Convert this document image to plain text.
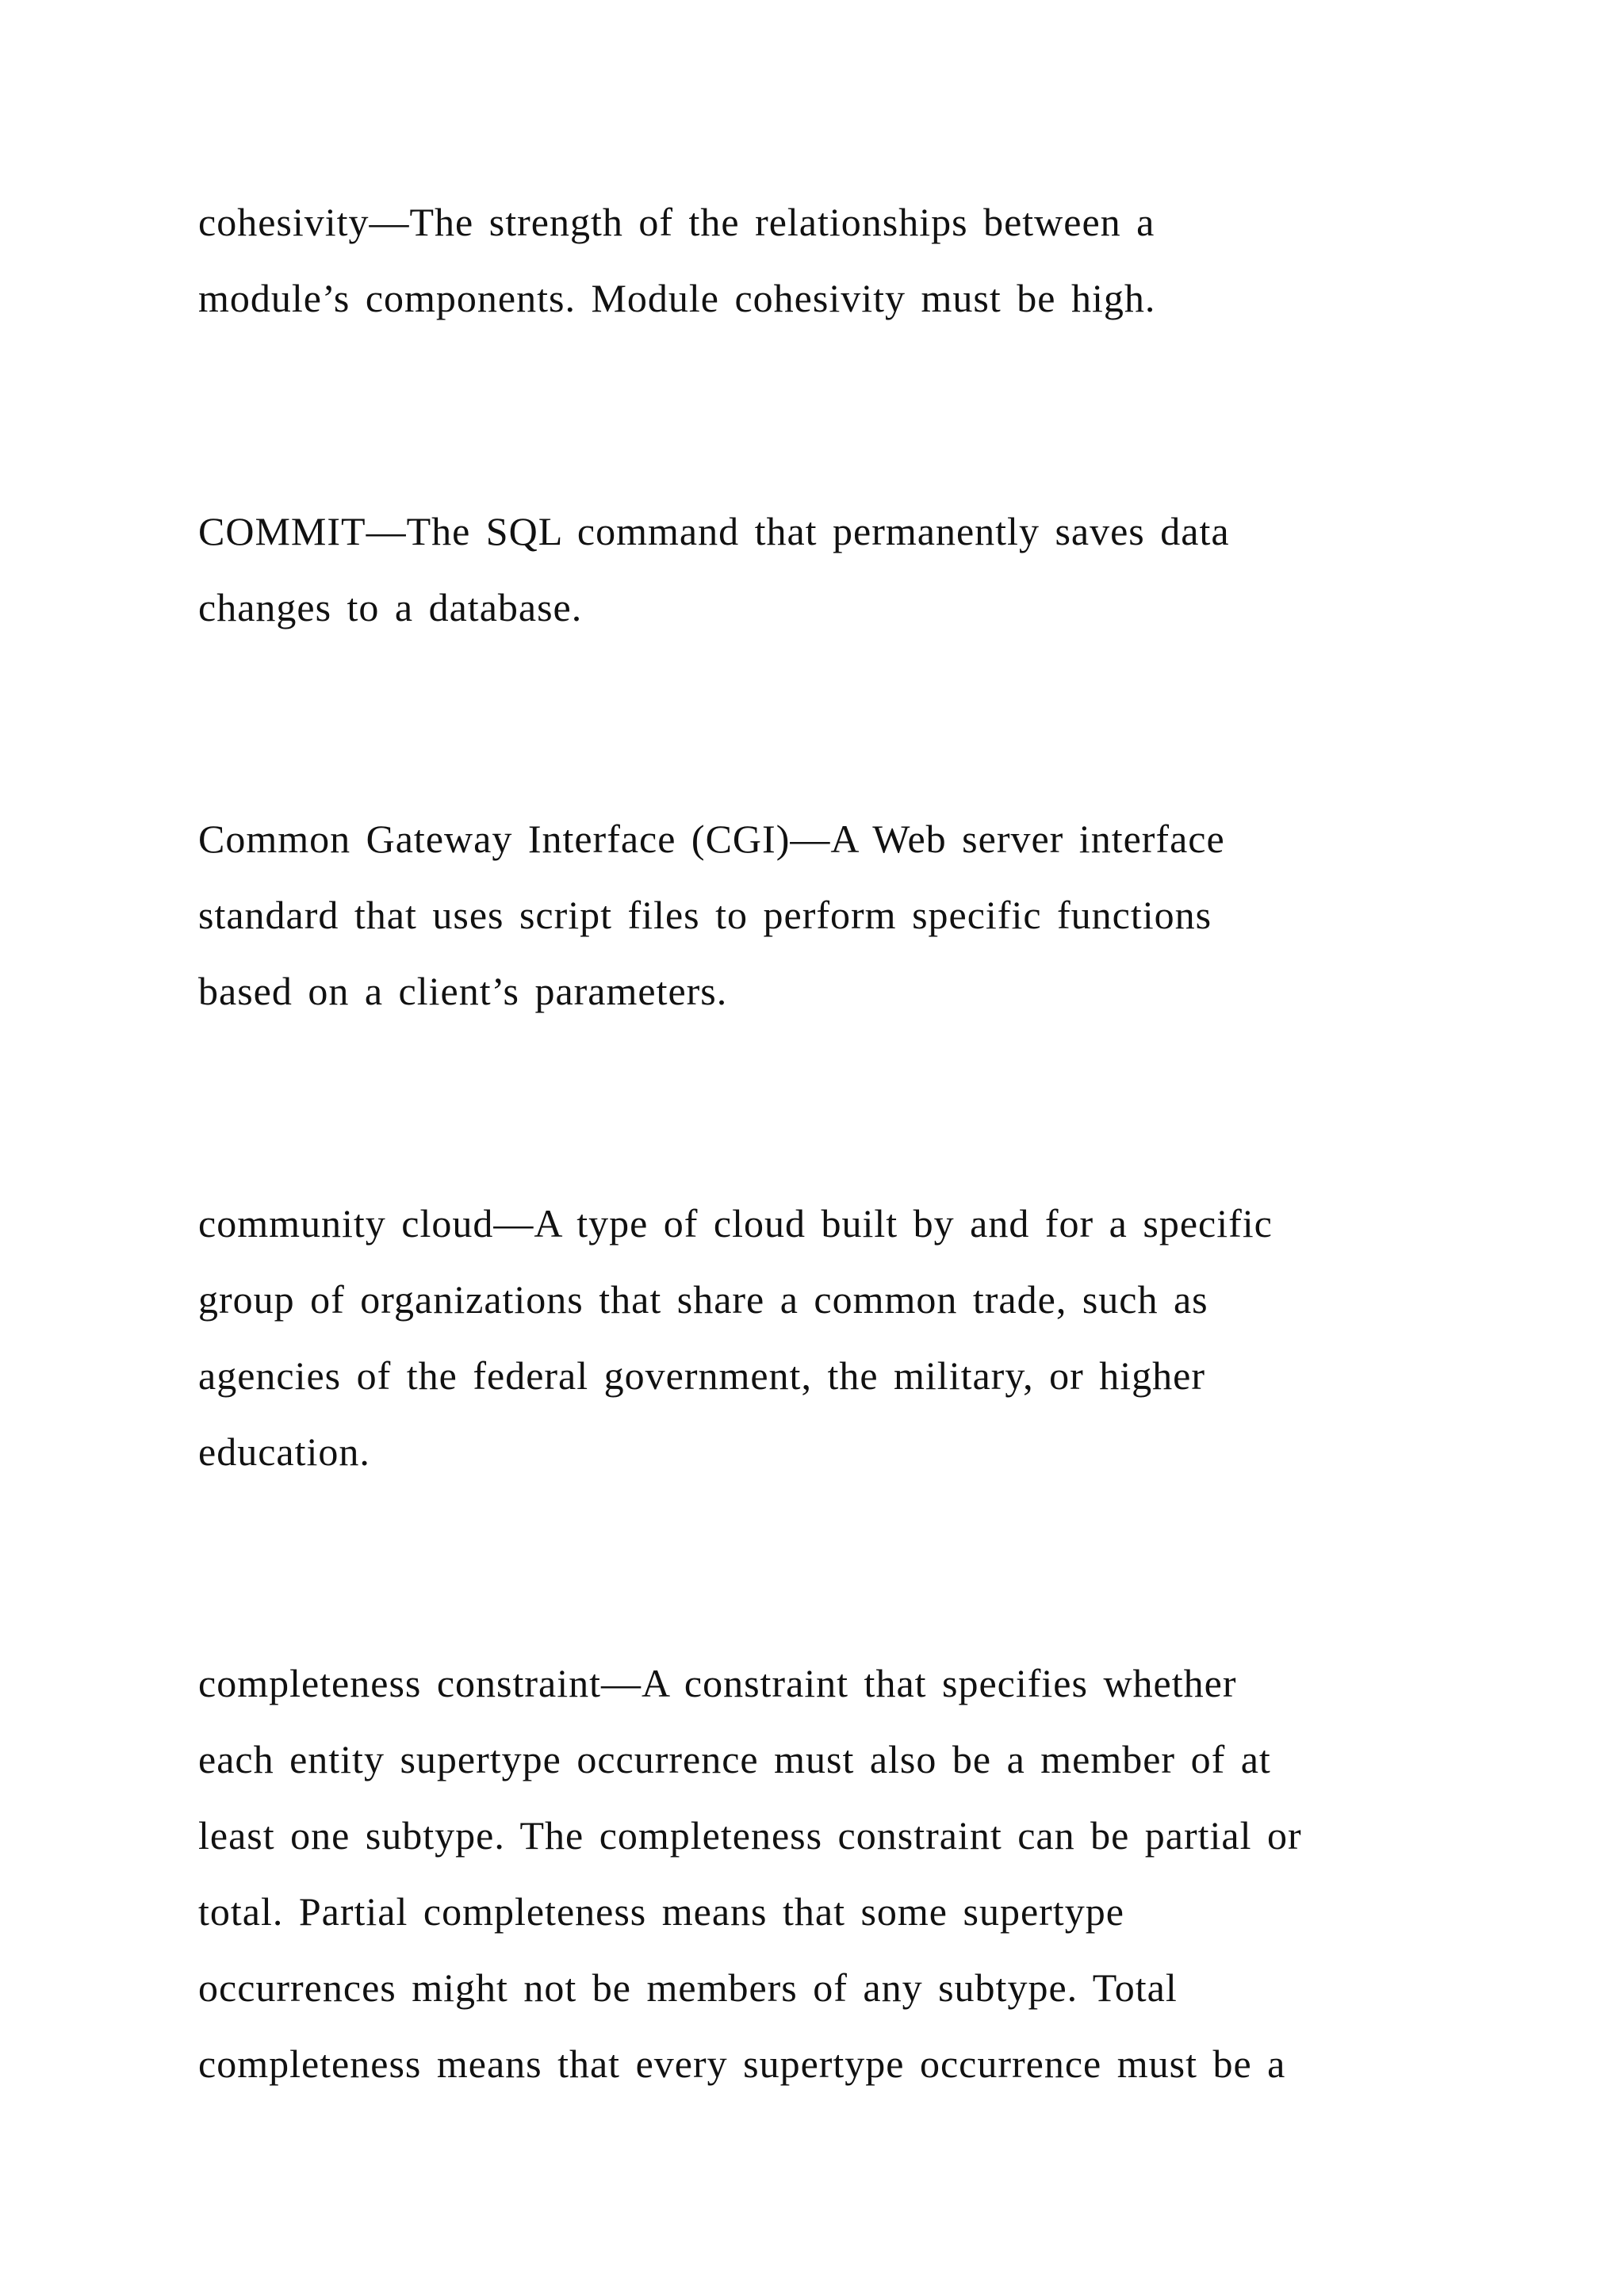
cohesivity—The strength of the relationships between a
module’s components. Module cohesivity must be high.

COMMIT—The SQL command that permanently saves data
changes to a database.

Common Gateway Interface (CGI)—A Web server interface
standard that uses script files to perform specific functions
based on a client’s parameters.

community cloud—A type of cloud built by and for a specific
group of organizations that share a common trade, such as
agencies of the federal government, the military, or higher
education.

completeness constraint—A constraint that specifies whether
each entity supertype occurrence must also be a member of at
least one subtype. The completeness constraint can be partial or
total. Partial completeness means that some supertype
occurrences might not be members of any subtype. Total
completeness means that every supertype occurrence must be a
